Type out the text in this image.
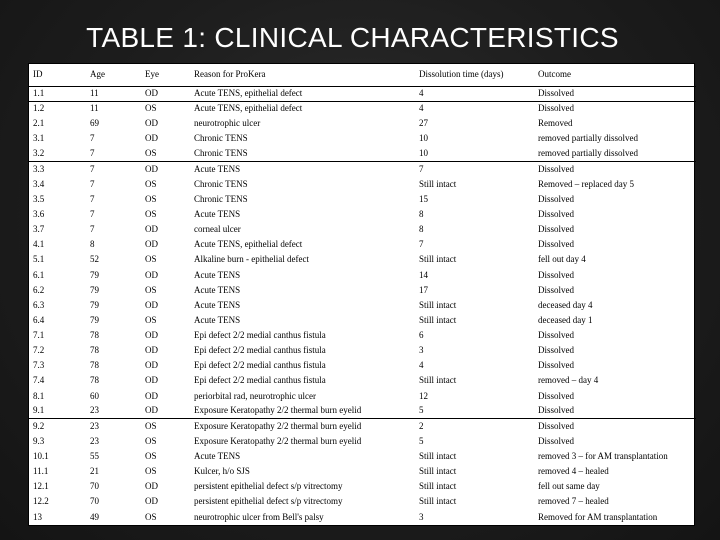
TABLE 1: CLINICAL CHARACTERISTICS
ID	Age	Eye	Reason for ProKera	Dissolution time (days)	Outcome
1.1	11	OD	Acute TENS, epithelial defect	4	Dissolved
1.2	11	OS	Acute TENS, epithelial defect	4	Dissolved
2.1	69	OD	neurotrophic ulcer	27	Removed
3.1	7	OD	Chronic TENS	10	removed partially dissolved
3.2	7	OS	Chronic TENS	10	removed partially dissolved
3.3	7	OD	Acute TENS	7	Dissolved
3.4	7	OS	Chronic TENS	Still intact	Removed – replaced day 5
3.5	7	OS	Chronic TENS	15	Dissolved
3.6	7	OS	Acute TENS	8	Dissolved
3.7	7	OD	corneal ulcer	8	Dissolved
4.1	8	OD	Acute TENS, epithelial defect	7	Dissolved
5.1	52	OS	Alkaline burn - epithelial defect	Still intact	fell out day 4
6.1	79	OD	Acute TENS	14	Dissolved
6.2	79	OS	Acute TENS	17	Dissolved
6.3	79	OD	Acute TENS	Still intact	deceased day 4
6.4	79	OS	Acute TENS	Still intact	deceased day 1
7.1	78	OD	Epi defect 2/2 medial canthus fistula	6	Dissolved
7.2	78	OD	Epi defect 2/2 medial canthus fistula	3	Dissolved
7.3	78	OD	Epi defect 2/2 medial canthus fistula	4	Dissolved
7.4	78	OD	Epi defect 2/2 medial canthus fistula	Still intact	removed – day 4
8.1	60	OD	periorbital rad, neurotrophic ulcer	12	Dissolved
9.1	23	OD	Exposure Keratopathy 2/2 thermal burn eyelid	5	Dissolved
9.2	23	OS	Exposure Keratopathy 2/2 thermal burn eyelid	2	Dissolved
9.3	23	OS	Exposure Keratopathy 2/2 thermal burn eyelid	5	Dissolved
10.1	55	OS	Acute TENS	Still intact	removed 3 – for AM transplantation
11.1	21	OS	Kulcer, h/o SJS	Still intact	removed 4 – healed
12.1	70	OD	persistent epithelial defect s/p vitrectomy	Still intact	fell out same day
12.2	70	OD	persistent epithelial defect s/p vitrectomy	Still intact	removed 7 – healed
13	49	OS	neurotrophic ulcer from Bell's palsy	3	Removed for AM transplantation
